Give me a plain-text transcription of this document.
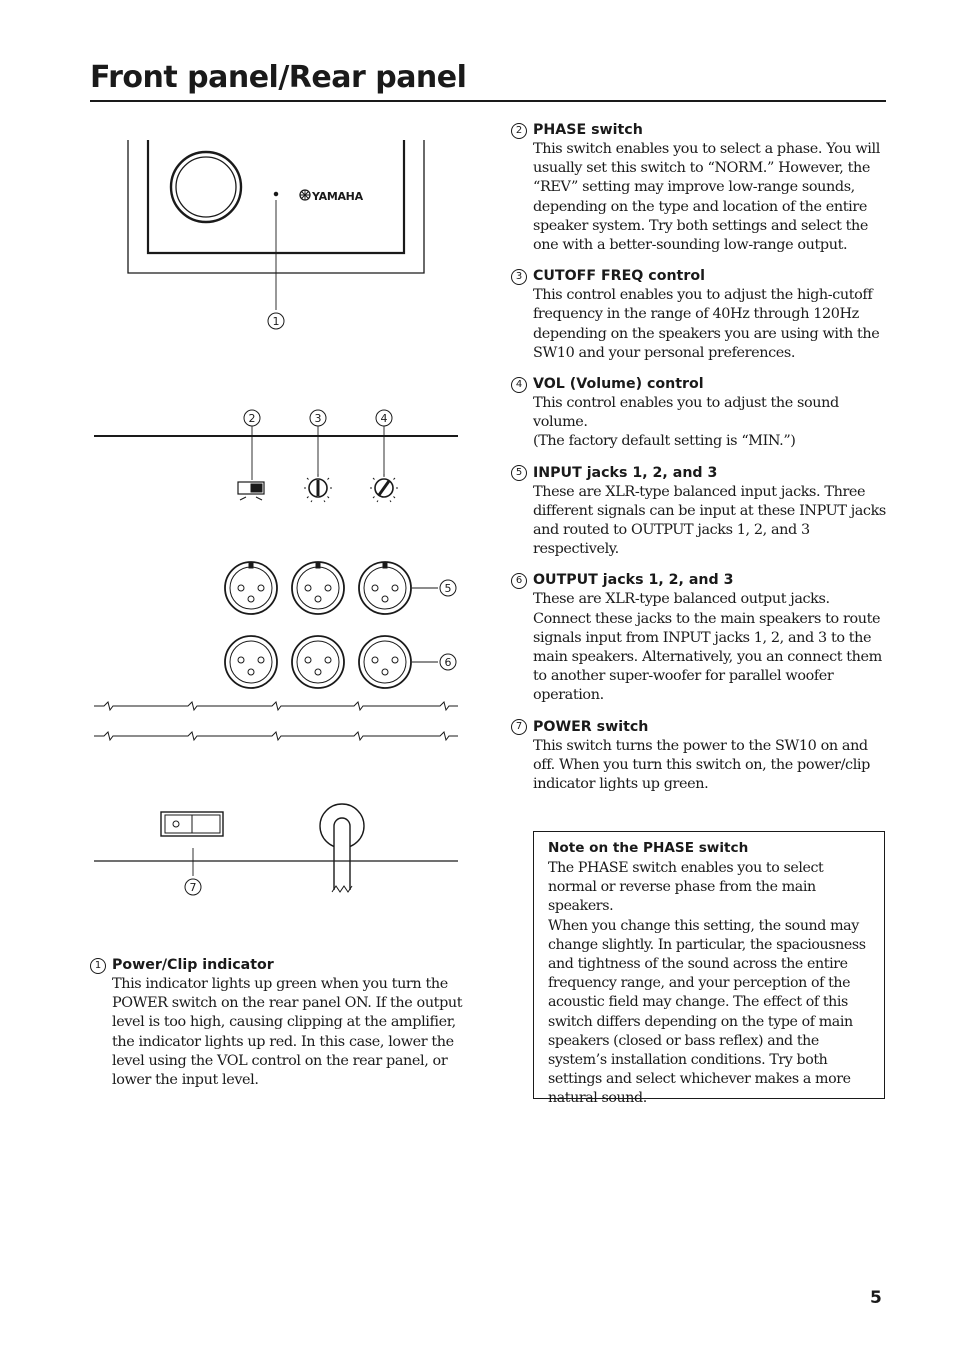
Front panel/Rear panel
YAMAHA
1
2	3	4
5
6
7
2 PHASE switch
This switch enables you to select a phase. You will usually set this switch to “NORM.” However, the “REV” setting may improve low-range sounds, depending on the type and location of the entire speaker system. Try both settings and select the one with a better-sounding low-range output.
3 CUTOFF FREQ control
This control enables you to adjust the high-cutoff frequency in the range of 40Hz through 120Hz depending on the speakers you are using with the SW10 and your personal preferences.
4 VOL (Volume) control
This control enables you to adjust the sound volume.
(The factory default setting is “MIN.”)
5 INPUT jacks 1, 2, and 3
These are XLR-type balanced input jacks. Three different signals can be input at these INPUT jacks and routed to OUTPUT jacks 1, 2, and 3 respectively.
6 OUTPUT jacks 1, 2, and 3
These are XLR-type balanced output jacks. Connect these jacks to the main speakers to route signals input from INPUT jacks 1, 2, and 3 to the main speakers. Alternatively, you an connect them to another super-woofer for parallel woofer operation.
7 POWER switch
This switch turns the power to the SW10 on and off. When you turn this switch on, the power/clip indicator lights up green.
1 Power/Clip indicator
This indicator lights up green when you turn the POWER switch on the rear panel ON. If the output level is too high, causing clipping at the amplifier, the indicator lights up red. In this case, lower the level using the VOL control on the rear panel, or lower the input level.
Note on the PHASE switch
The PHASE switch enables you to select normal or reverse phase from the main speakers.
When you change this setting, the sound may change slightly. In particular, the spaciousness and tightness of the sound across the entire frequency range, and your perception of the acoustic field may change. The effect of this switch differs depending on the type of main speakers (closed or bass reflex) and the system’s installation conditions. Try both settings and select whichever makes a more natural sound.
5
